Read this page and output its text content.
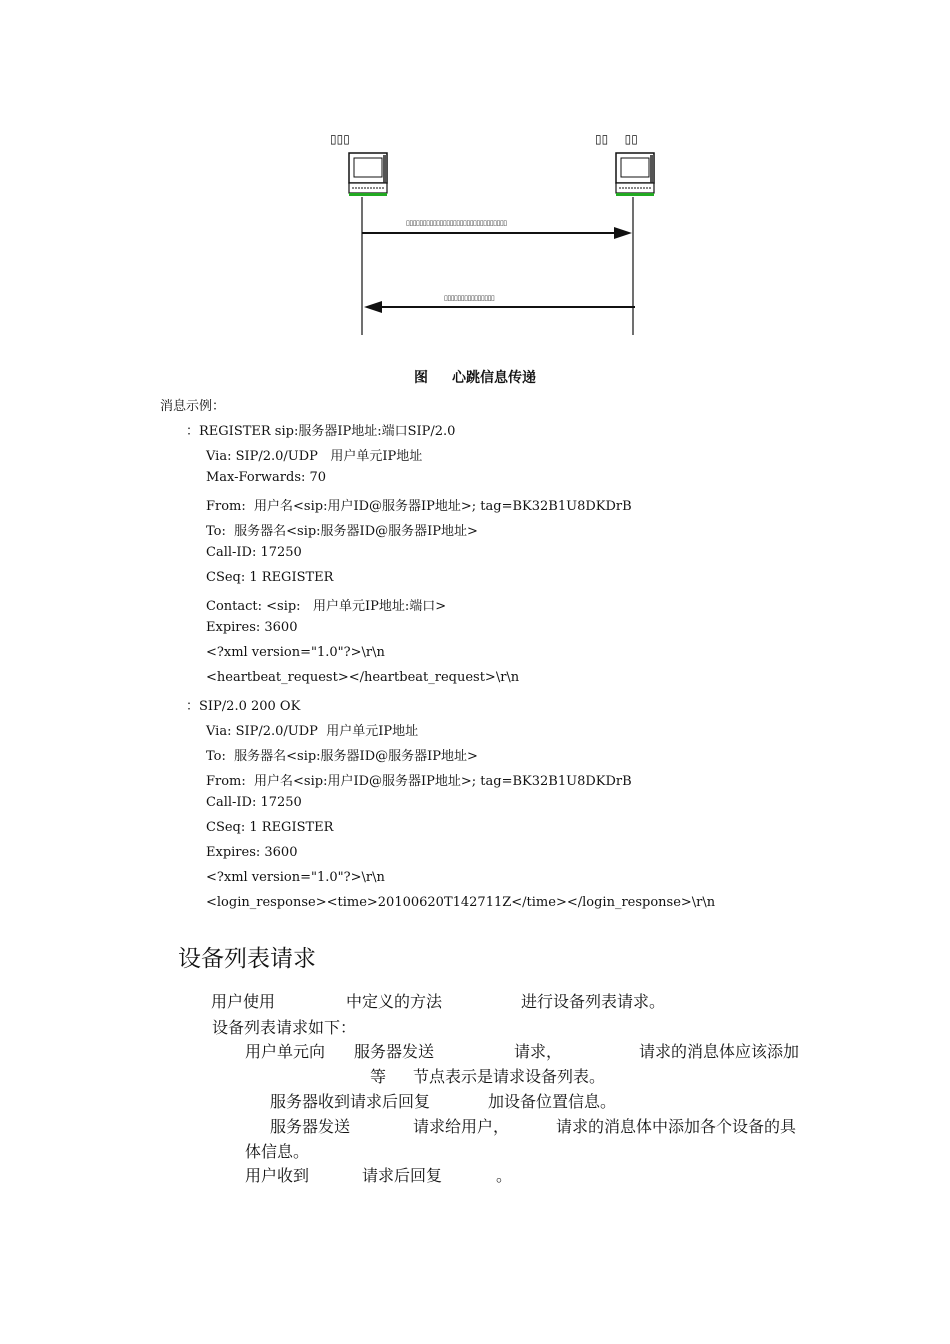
▯▯▯	▯▯ ▯▯
▯▯▯▯▯▯▯▯▯▯▯▯▯▯▯▯▯▯▯▯▯▯▯▯▯▯▯▯▯▯
▯▯▯▯▯▯▯▯▯▯▯▯▯▯▯
图 心跳信息传递
消息示例：
：REGISTER sip:服务器IP地址:端口SIP/2.0
Via: SIP/2.0/UDP   用户单元IP地址
Max-Forwards: 70
From:  用户名<sip:用户ID@服务器IP地址>; tag=BK32B1U8DKDrB
To:  服务器名<sip:服务器ID@服务器IP地址>
Call-ID: 17250
CSeq: 1 REGISTER
Contact: <sip:   用户单元IP地址:端口>
Expires: 3600
<?xml version="1.0"?>\r\n
<heartbeat_request></heartbeat_request>\r\n
：SIP/2.0 200 OK
Via: SIP/2.0/UDP  用户单元IP地址
To:  服务器名<sip:服务器ID@服务器IP地址>
From:  用户名<sip:用户ID@服务器IP地址>; tag=BK32B1U8DKDrB
Call-ID: 17250
CSeq: 1 REGISTER
Expires: 3600
<?xml version="1.0"?>\r\n
<login_response><time>20100620T142711Z</time></login_response>\r\n
设备列表请求
用户使用	中定义的方法	进行设备列表请求。
设备列表请求如下：
用户单元向 服务器发送	请求，	请求的消息体应该添加
等 节点表示是请求设备列表。
服务器收到请求后回复	加设备位置信息。
服务器发送	请求给用户，	请求的消息体中添加各个设备的具
体信息。
用户收到	请求后回复	。
